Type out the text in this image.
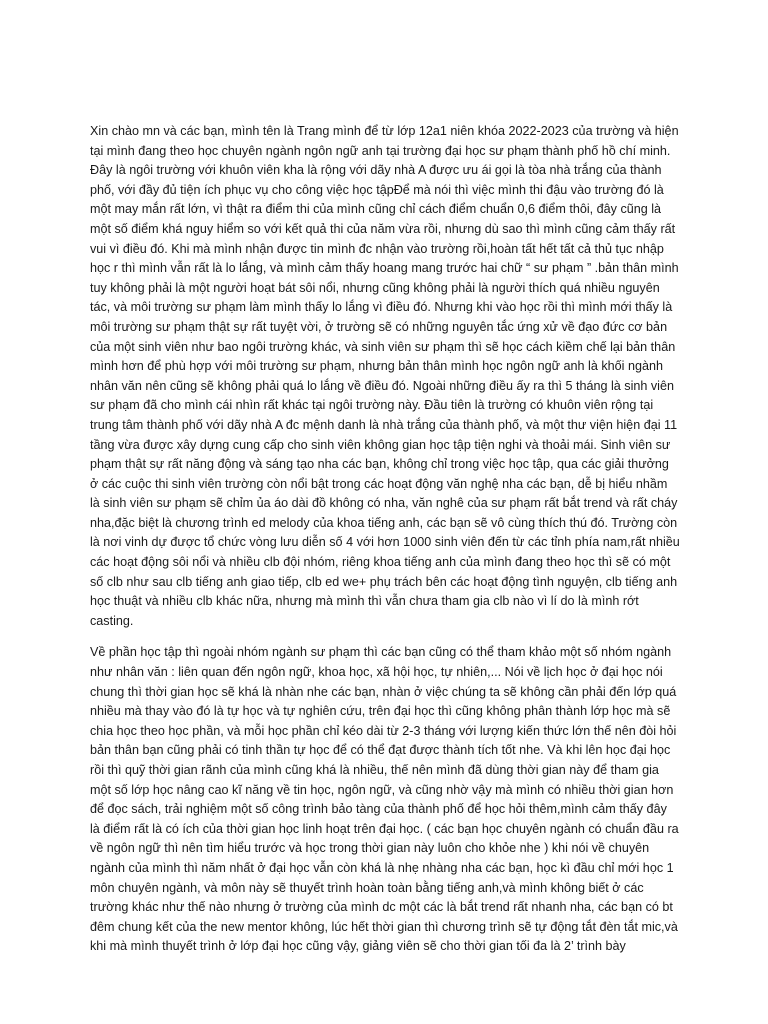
Xin chào mn và các bạn, mình tên là Trang mình để từ lớp 12a1 niên khóa 2022-2023 của trường và hiện tại mình đang theo học chuyên ngành ngôn ngữ anh tại trường đại học sư phạm thành phố hồ chí minh. Đây là ngôi trường với khuôn viên kha là rộng với dãy nhà A được ưu ái gọi là tòa nhà trắng của thành phố, với đầy đủ tiện ích phục vụ cho công việc học tậpĐể mà nói thì việc mình thi đậu vào trường đó là một may mắn rất lớn, vì thật ra điểm thi của mình cũng chỉ cách điểm chuẩn 0,6 điểm thôi, đây cũng là một số điểm khá nguy hiểm so với kết quả thi của năm vừa rồi, nhưng dù sao thì mình cũng cảm thấy rất vui vì điều đó. Khi mà mình nhận được tin mình đc nhận vào trường rồi,hoàn tất hết tất cả thủ tục nhập học r thì mình vẫn rất là lo lắng, và mình cảm thấy hoang mang trước hai chữ “ sư phạm ” .bản thân mình tuy không phải là một người hoạt bát sôi nổi, nhưng cũng không phải là người thích quá nhiều nguyên tác, và môi trường sư phạm làm mình thấy lo lắng vì điều đó. Nhưng khi vào học rồi thì mình mới thấy là môi trường sư phạm thật sự rất tuyệt vời, ở trường sẽ có những nguyên tắc ứng xử về đạo đức cơ bản của một sinh viên như bao ngôi trường khác, và sinh viên sư phạm thì sẽ học cách kiềm chế lại bản thân mình hơn để phù hợp với môi trường sư phạm, nhưng bản thân mình học ngôn ngữ anh là khối ngành nhân văn nên cũng sẽ không phải quá lo lắng về điều đó. Ngoài những điều ấy ra thì 5 tháng là sinh viên sư phạm đã cho mình cái nhìn rất khác tại ngôi trường này. Đầu tiên là trường có khuôn viên rộng tại trung tâm thành phố với dãy nhà A đc mệnh danh là nhà trắng của thành phố, và một thư viện hiện đại 11 tầng vừa được xây dựng cung cấp cho sinh viên không gian học tập tiện nghi và thoải mái. Sinh viên sư phạm thật sự rất năng động và sáng tạo nha các bạn, không chỉ trong việc học tập, qua các giải thưởng ở các cuộc thi sinh viên trường còn nổi bật trong các hoạt động văn nghệ nha các bạn, dễ bị hiểu nhầm là sinh viên sư phạm sẽ chỉm ủa áo dài đồ không có nha, văn nghê của sư phạm rất bắt trend và rất cháy nha,đặc biệt là chương trình ed melody của khoa tiếng anh, các bạn sẽ vô cùng thích thú đó. Trường còn là nơi vinh dự được tổ chức vòng lưu diễn số 4 với hơn 1000 sinh viên đến từ các tỉnh phía nam,rất nhiều các hoạt động sôi nổi và nhiều clb đội nhóm, riêng khoa tiếng anh của mình đang theo học thì sẽ có một số clb như sau clb tiếng anh giao tiếp, clb ed we+ phụ trách bên các hoạt động tình nguyện, clb tiếng anh học thuật và nhiều clb khác nữa, nhưng mà mình thì vẫn chưa tham gia clb nào vì lí do là mình rớt casting.

Về phần học tập thì ngoài nhóm ngành sư phạm thì các bạn cũng có thể tham khảo một số nhóm ngành như nhân văn : liên quan đến ngôn ngữ, khoa học, xã hội học, tự nhiên,... Nói về lịch học ở đại học nói chung thì thời gian học sẽ khá là nhàn nhe các bạn, nhàn ở việc chúng ta sẽ không cần phải đến lớp quá nhiều mà thay vào đó là tự học và tự nghiên cứu, trên đại học thì cũng không phân thành lớp học mà sẽ chia học theo học phần, và mỗi học phần chỉ kéo dài từ 2-3 tháng với lượng kiến thức lớn thế nên đòi hỏi bản thân bạn cũng phải có tinh thần tự học để có thể đạt được thành tích tốt nhe. Và khi lên học đại học rồi thì quỹ thời gian rãnh của mình cũng khá là nhiều, thế nên mình đã dùng thời gian này để tham gia một số lớp học nâng cao kĩ năng về tin học, ngôn ngữ, và cũng nhờ vậy mà mình có nhiều thời gian hơn để đọc sách, trải nghiệm một số công trình bảo tàng của thành phố để học hỏi thêm,mình cảm thấy đây là điểm rất là có ích của thời gian học linh hoạt trên đại học. ( các bạn học chuyên ngành có chuẩn đầu ra về ngôn ngữ thì nên tìm hiểu trước và học trong thời gian này luôn cho khỏe nhe ) khi nói về chuyên ngành của mình thì năm nhất ở đại học vẫn còn khá là nhẹ nhàng nha các bạn, học kì đầu chỉ mới học 1 môn chuyên ngành, và môn này sẽ thuyết trình hoàn toàn bằng tiếng anh,và mình không biết ở các trường khác như thế nào nhưng ở trường của mình dc một các là bắt trend rất nhanh nha, các bạn có bt đêm chung kết của the new mentor không, lúc hết thời gian thì chương trình sẽ tự động tắt đèn tắt mic,và khi mà mình thuyết trình ở lớp đại học cũng vậy, giảng viên sẽ cho thời gian tối đa là 2’ trình bày
